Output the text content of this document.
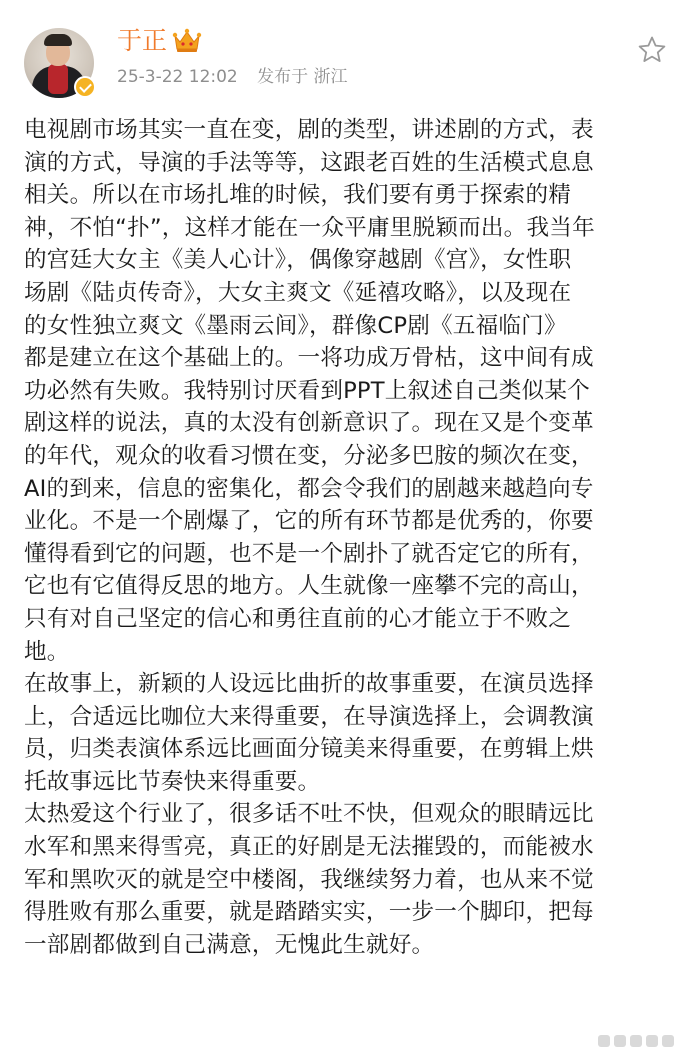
于正
25-3-22 12:02 发布于 浙江

电视剧市场其实一直在变，剧的类型，讲述剧的方式，表
演的方式，导演的手法等等，这跟老百姓的生活模式息息
相关。所以在市场扎堆的时候，我们要有勇于探索的精
神，不怕“扑”，这样才能在一众平庸里脱颖而出。我当年
的宫廷大女主《美人心计》，偶像穿越剧《宫》，女性职
场剧《陆贞传奇》，大女主爽文《延禧攻略》，以及现在
的女性独立爽文《墨雨云间》，群像CP剧《五福临门》
都是建立在这个基础上的。一将功成万骨枯，这中间有成
功必然有失败。我特别讨厌看到PPT上叙述自己类似某个
剧这样的说法，真的太没有创新意识了。现在又是个变革
的年代，观众的收看习惯在变，分泌多巴胺的频次在变，
AI的到来，信息的密集化，都会令我们的剧越来越趋向专
业化。不是一个剧爆了，它的所有环节都是优秀的，你要
懂得看到它的问题，也不是一个剧扑了就否定它的所有，
它也有它值得反思的地方。人生就像一座攀不完的高山，
只有对自己坚定的信心和勇往直前的心才能立于不败之
地。

在故事上，新颖的人设远比曲折的故事重要，在演员选择
上，合适远比咖位大来得重要，在导演选择上，会调教演
员，归类表演体系远比画面分镜美来得重要，在剪辑上烘
托故事远比节奏快来得重要。

太热爱这个行业了，很多话不吐不快，但观众的眼睛远比
水军和黑来得雪亮，真正的好剧是无法摧毁的，而能被水
军和黑吹灭的就是空中楼阁，我继续努力着，也从来不觉
得胜败有那么重要，就是踏踏实实，一步一个脚印，把每
一部剧都做到自己满意，无愧此生就好。
